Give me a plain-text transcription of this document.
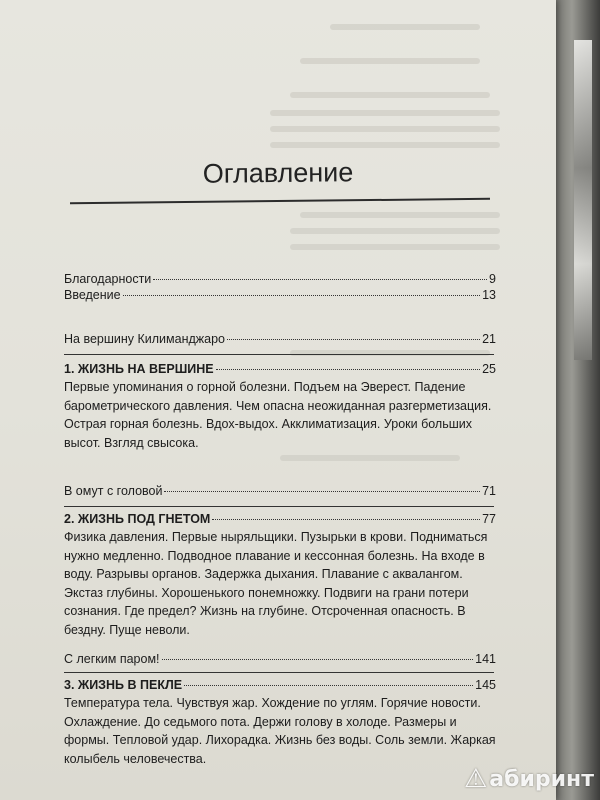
Оглавление
Благодарности	9
Введение	13
На вершину Килиманджаро	21
1. ЖИЗНЬ НА ВЕРШИНЕ	25
Первые упоминания о горной болезни. Подъем на Эверест. Падение барометрического давления. Чем опасна неожиданная разгерметизация. Острая горная болезнь. Вдох-выдох. Акклиматизация. Уроки больших высот. Взгляд свысока.
В омут с головой	71
2. ЖИЗНЬ ПОД ГНЕТОМ	77
Физика давления. Первые ныряльщики. Пузырьки в крови. Подниматься нужно медленно. Подводное плавание и кессонная болезнь. На входе в воду. Разрывы органов. Задержка дыхания. Плавание с аквалангом. Экстаз глубины. Хорошенького понемножку. Подвиги на грани потери сознания. Где предел? Жизнь на глубине. Отсроченная опасность. В бездну. Пуще неволи.
С легким паром!	141
3. ЖИЗНЬ В ПЕКЛЕ	145
Температура тела. Чувствуя жар. Хождение по углям. Горячие новости. Охлаждение. До седьмого пота. Держи голову в холоде. Размеры и формы. Тепловой удар. Лихорадка. Жизнь без воды. Соль земли. Жаркая колыбель человечества.
⚠ абиринт
